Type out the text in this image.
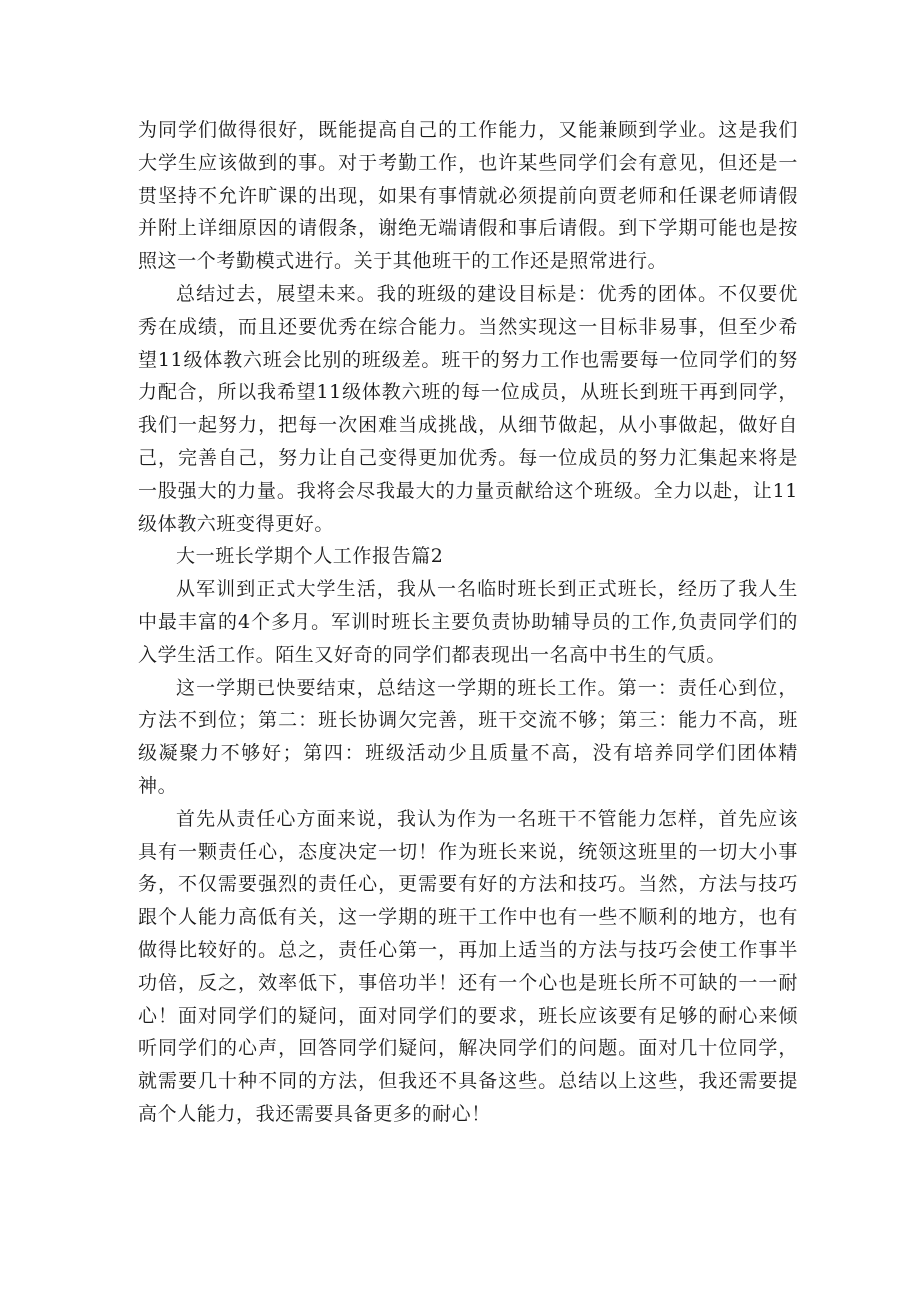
为同学们做得很好，既能提高自己的工作能力，又能兼顾到学业。这是我们大学生应该做到的事。对于考勤工作，也许某些同学们会有意见，但还是一贯坚持不允许旷课的出现，如果有事情就必须提前向贾老师和任课老师请假并附上详细原因的请假条，谢绝无端请假和事后请假。到下学期可能也是按照这一个考勤模式进行。关于其他班干的工作还是照常进行。

总结过去，展望未来。我的班级的建设目标是：优秀的团体。不仅要优秀在成绩，而且还要优秀在综合能力。当然实现这一目标非易事，但至少希望11级体教六班会比别的班级差。班干的努力工作也需要每一位同学们的努力配合，所以我希望11级体教六班的每一位成员，从班长到班干再到同学，我们一起努力，把每一次困难当成挑战，从细节做起，从小事做起，做好自己，完善自己，努力让自己变得更加优秀。每一位成员的努力汇集起来将是一股强大的力量。我将会尽我最大的力量贡献给这个班级。全力以赴，让11级体教六班变得更好。

大一班长学期个人工作报告篇2

从军训到正式大学生活，我从一名临时班长到正式班长，经历了我人生中最丰富的4个多月。军训时班长主要负责协助辅导员的工作,负责同学们的入学生活工作。陌生又好奇的同学们都表现出一名高中书生的气质。

这一学期已快要结束，总结这一学期的班长工作。第一：责任心到位，方法不到位；第二：班长协调欠完善，班干交流不够；第三：能力不高，班级凝聚力不够好；第四：班级活动少且质量不高，没有培养同学们团体精神。

首先从责任心方面来说，我认为作为一名班干不管能力怎样，首先应该具有一颗责任心，态度决定一切！作为班长来说，统领这班里的一切大小事务，不仅需要强烈的责任心，更需要有好的方法和技巧。当然，方法与技巧跟个人能力高低有关，这一学期的班干工作中也有一些不顺利的地方，也有做得比较好的。总之，责任心第一，再加上适当的方法与技巧会使工作事半功倍，反之，效率低下，事倍功半！还有一个心也是班长所不可缺的一一耐心！面对同学们的疑问，面对同学们的要求，班长应该要有足够的耐心来倾听同学们的心声，回答同学们疑问，解决同学们的问题。面对几十位同学，就需要几十种不同的方法，但我还不具备这些。总结以上这些，我还需要提高个人能力，我还需要具备更多的耐心！
